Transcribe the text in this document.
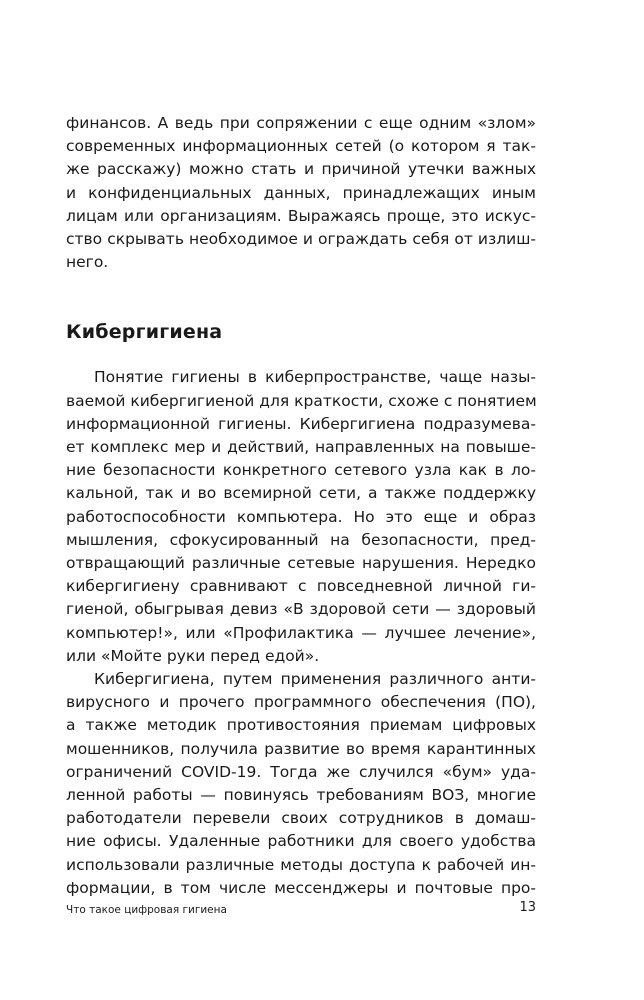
финансов. А ведь при сопряжении с еще одним «злом»
современных информационных сетей (о котором я так-
же расскажу) можно стать и причиной утечки важных
и конфиденциальных данных, принадлежащих иным
лицам или организациям. Выражаясь проще, это искус-
ство скрывать необходимое и ограждать себя от излиш-
него.

Кибергигиена

Понятие гигиены в киберпространстве, чаще назы-
ваемой кибергигиеной для краткости, схоже с понятием
информационной гигиены. Кибергигиена подразумева-
ет комплекс мер и действий, направленных на повыше-
ние безопасности конкретного сетевого узла как в ло-
кальной, так и во всемирной сети, а также поддержку
работоспособности компьютера. Но это еще и образ
мышления, сфокусированный на безопасности, пред-
отвращающий различные сетевые нарушения. Нередко
кибергигиену сравнивают с повседневной личной ги-
гиеной, обыгрывая девиз «В здоровой сети — здоровый
компьютер!», или «Профилактика — лучшее лечение»,
или «Мойте руки перед едой».

Кибергигиена, путем применения различного анти-
вирусного и прочего программного обеспечения (ПО),
а также методик противостояния приемам цифровых
мошенников, получила развитие во время карантинных
ограничений COVID-19. Тогда же случился «бум» уда-
ленной работы — повинуясь требованиям ВОЗ, многие
работодатели перевели своих сотрудников в домаш-
ние офисы. Удаленные работники для своего удобства
использовали различные методы доступа к рабочей ин-
формации, в том числе мессенджеры и почтовые про-

Что такое цифровая гигиена	13
